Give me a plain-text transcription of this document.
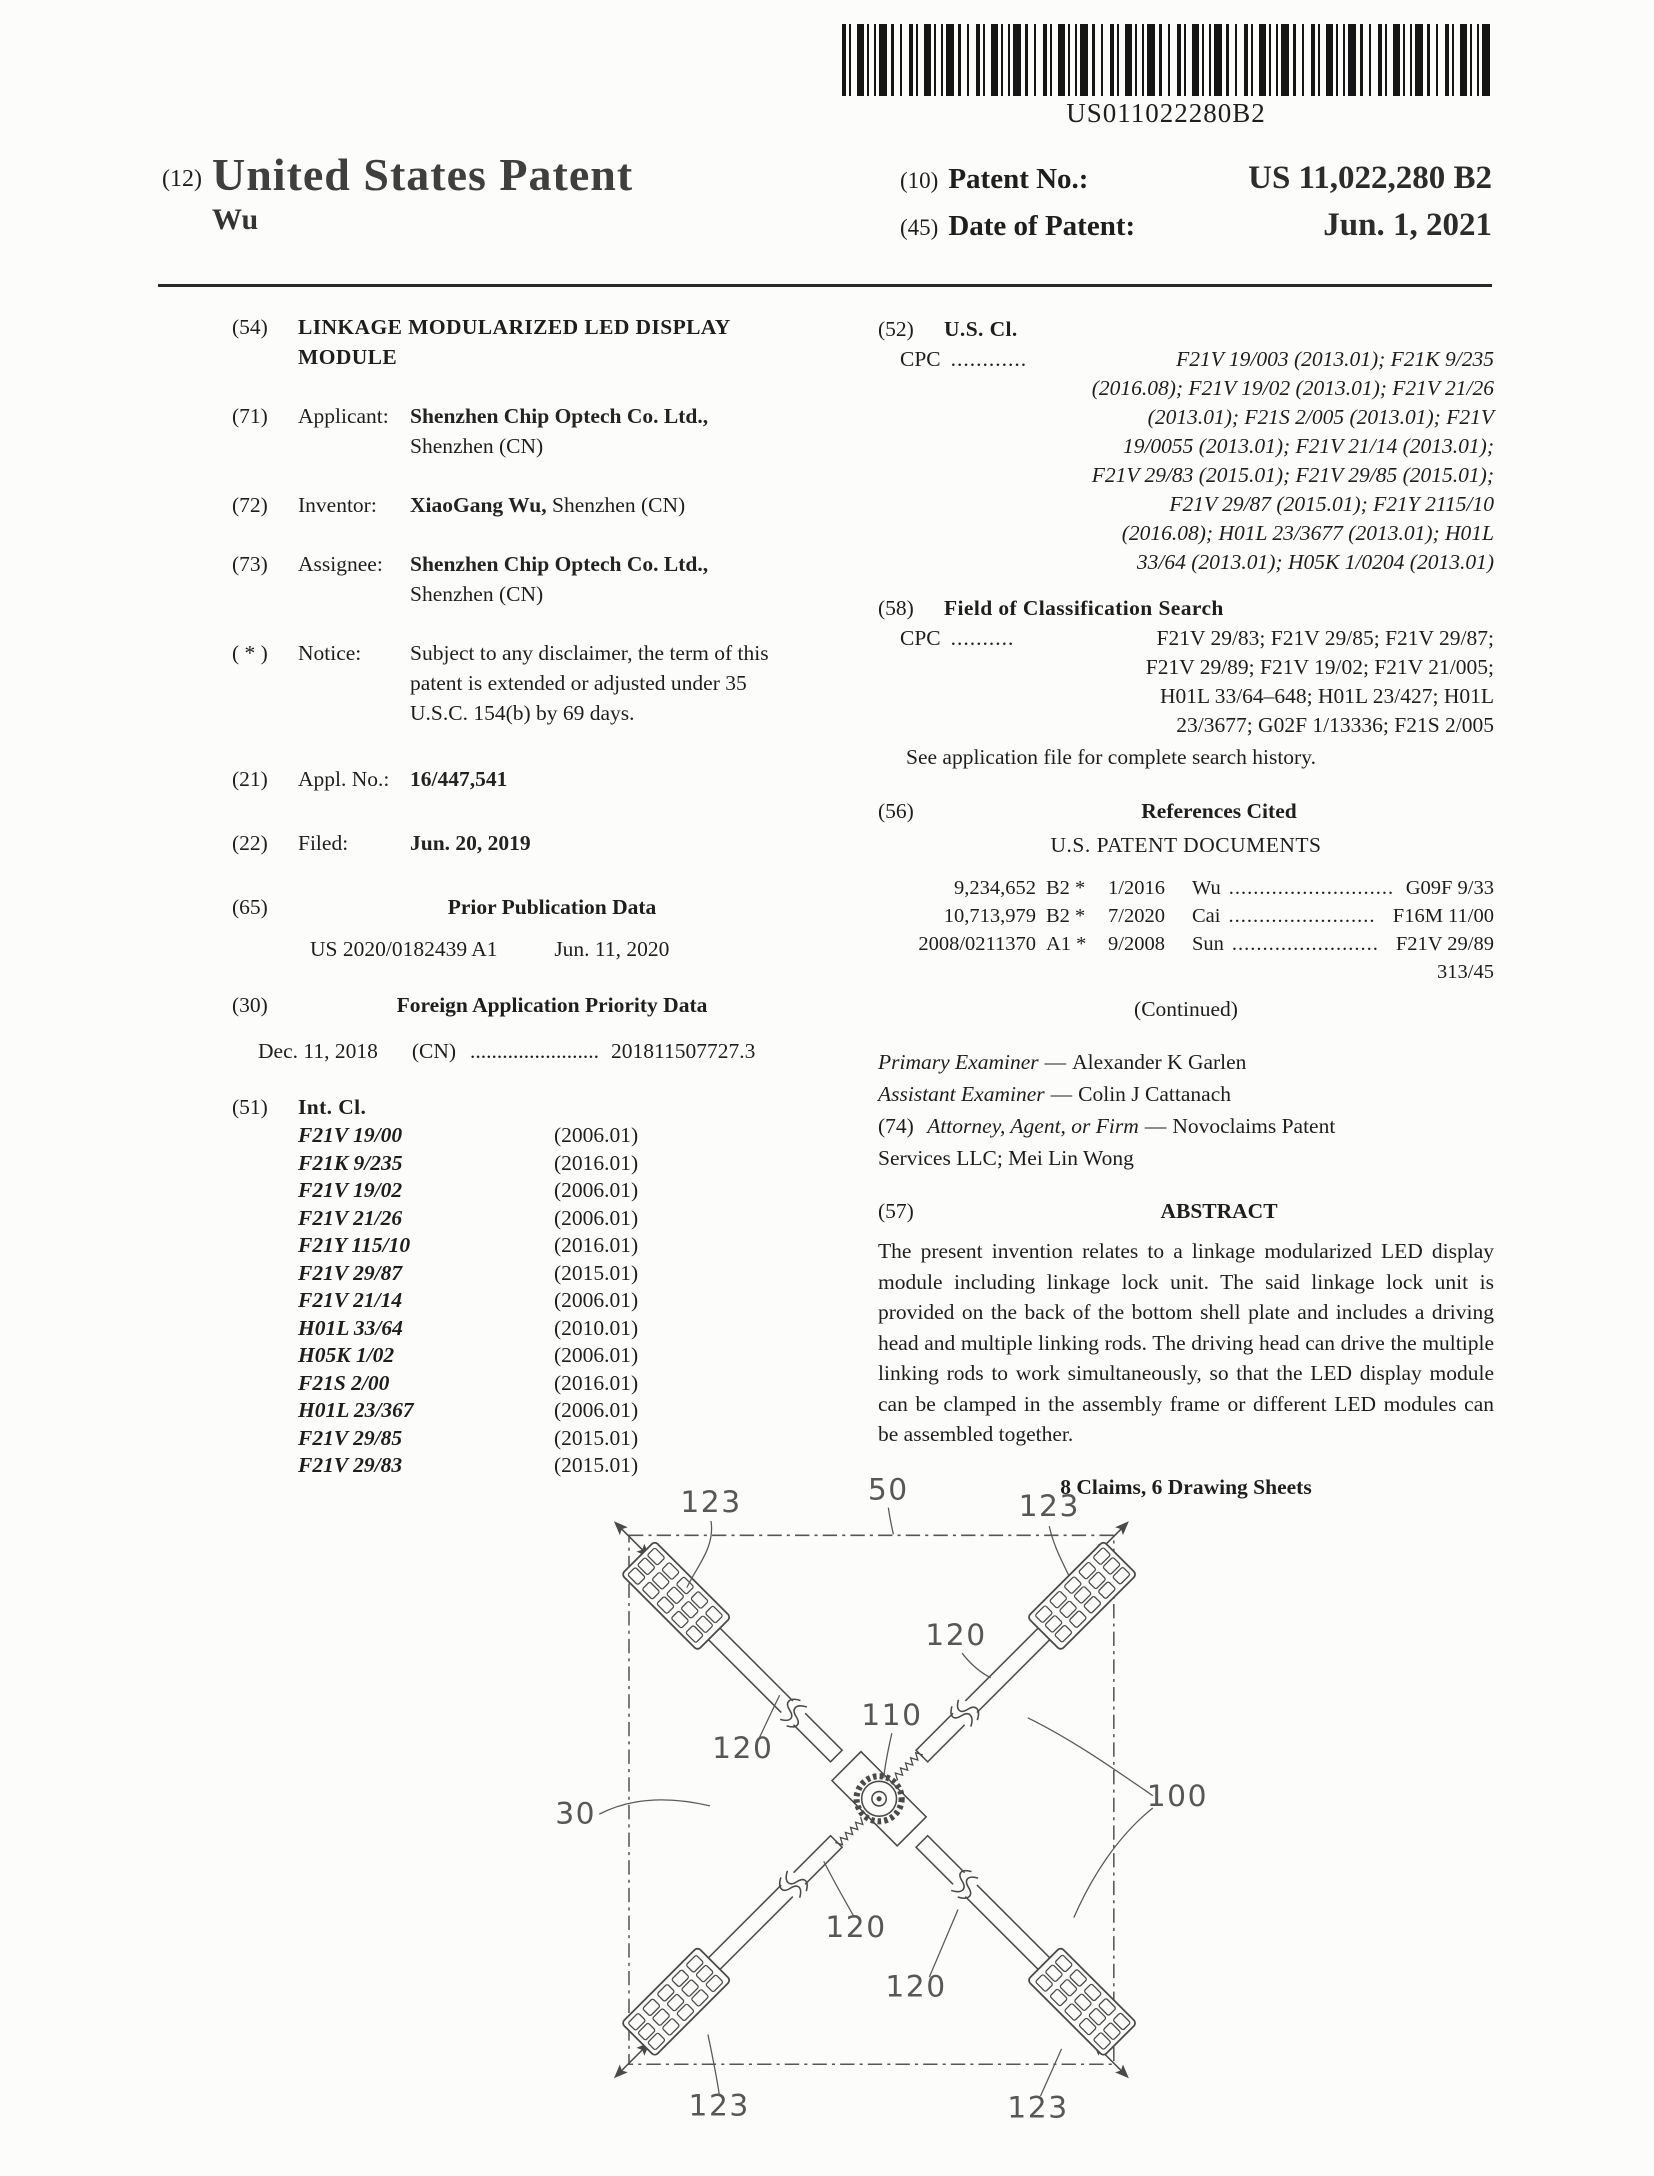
US011022280B2
(12) United States Patent
Wu
(10) Patent No.:	US 11,022,280 B2
(45) Date of Patent:	Jun. 1, 2021
(54)	LINKAGE MODULARIZED LED DISPLAY
MODULE
(71)	Applicant: Shenzhen Chip Optech Co. Ltd.,
Shenzhen (CN)
(72)	Inventor:	XiaoGang Wu, Shenzhen (CN)
(73)	Assignee:	Shenzhen Chip Optech Co. Ltd.,
Shenzhen (CN)
( * )	Notice:	Subject to any disclaimer, the term of this
patent is extended or adjusted under 35
U.S.C. 154(b) by 69 days.
(21)	Appl. No.: 16/447,541
(22)	Filed:	Jun. 20, 2019
(65)	Prior Publication Data
US 2020/0182439 A1	Jun. 11, 2020
(30)	Foreign Application Priority Data
Dec. 11, 2018 (CN) ........................ 201811507727.3
(51)	Int. Cl.
F21V 19/00	(2006.01)
F21K 9/235	(2016.01)
F21V 19/02	(2006.01)
F21V 21/26	(2006.01)
F21Y 115/10	(2016.01)
F21V 29/87	(2015.01)
F21V 21/14	(2006.01)
H01L 33/64	(2010.01)
H05K 1/02	(2006.01)
F21S 2/00	(2016.01)
H01L 23/367	(2006.01)
F21V 29/85	(2015.01)
F21V 29/83	(2015.01)
(52)	U.S. Cl.
CPC ............	F21V 19/003 (2013.01); F21K 9/235
(2016.08); F21V 19/02 (2013.01); F21V 21/26
(2013.01); F21S 2/005 (2013.01); F21V
19/0055 (2013.01); F21V 21/14 (2013.01);
F21V 29/83 (2015.01); F21V 29/85 (2015.01);
F21V 29/87 (2015.01); F21Y 2115/10
(2016.08); H01L 23/3677 (2013.01); H01L
33/64 (2013.01); H05K 1/0204 (2013.01)
(58)	Field of Classification Search
CPC ..........	F21V 29/83; F21V 29/85; F21V 29/87;
F21V 29/89; F21V 19/02; F21V 21/005;
H01L 33/64–648; H01L 23/427; H01L
23/3677; G02F 1/13336; F21S 2/005
See application file for complete search history.
(56)	References Cited
U.S. PATENT DOCUMENTS
9,234,652 B2 *	1/2016	Wu ........................... G09F 9/33
10,713,979 B2 *	7/2020	Cai ........................ F16M 11/00
2008/0211370 A1 *	9/2008	Sun ........................ F21V 29/89
313/45
(Continued)
Primary Examiner — Alexander K Garlen
Assistant Examiner — Colin J Cattanach
(74) Attorney, Agent, or Firm — Novoclaims Patent
Services LLC; Mei Lin Wong
(57)	ABSTRACT
The present invention relates to a linkage modularized LED display module including linkage lock unit. The said linkage lock unit is provided on the back of the bottom shell plate and includes a driving head and multiple linking rods. The driving head can drive the multiple linking rods to work simultaneously, so that the LED display module can be clamped in the assembly frame or different LED modules can be assembled together.
8 Claims, 6 Drawing Sheets
123 50 123
120
110
120
30	100
120
120
123	123
